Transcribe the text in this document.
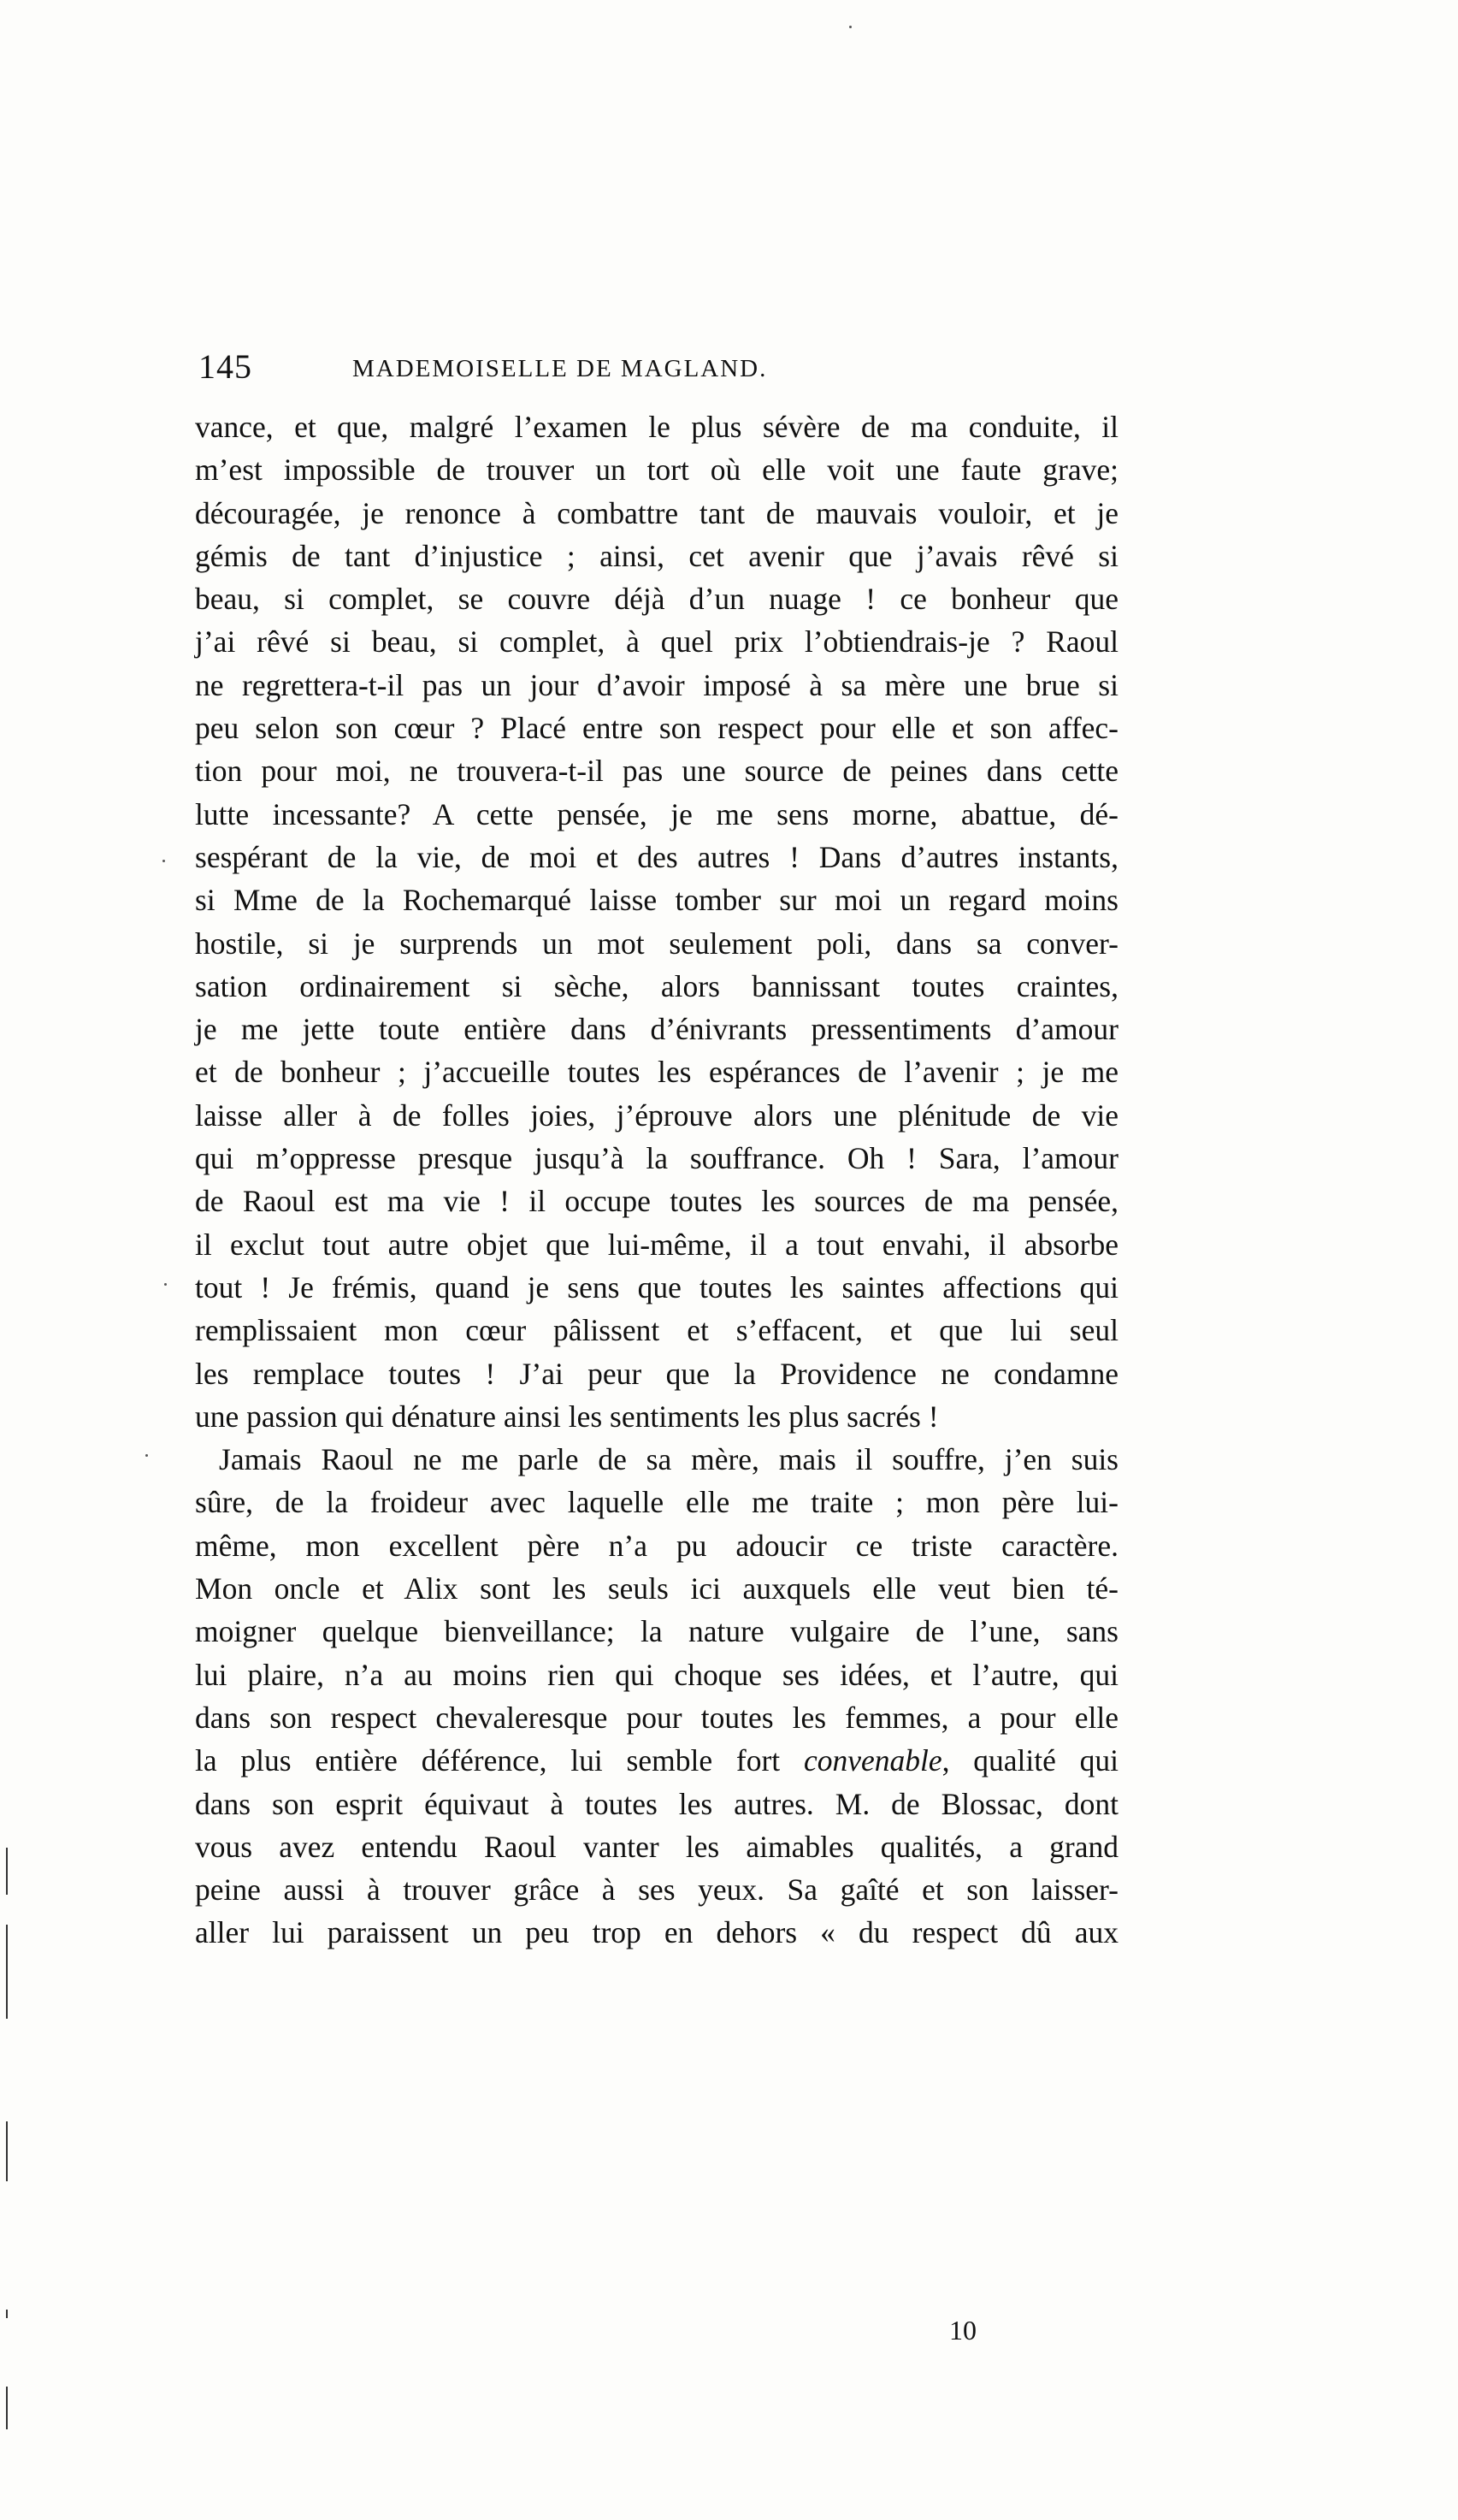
145	MADEMOISELLE DE MAGLAND.
vance, et que, malgré l’examen le plus sévère de ma conduite, il
m’est impossible de trouver un tort où elle voit une faute grave;
découragée, je renonce à combattre tant de mauvais vouloir, et je
gémis de tant d’injustice ; ainsi, cet avenir que j’avais rêvé si
beau, si complet, se couvre déjà d’un nuage ! ce bonheur que
j’ai rêvé si beau, si complet, à quel prix l’obtiendrais-je ? Raoul
ne regrettera-t-il pas un jour d’avoir imposé à sa mère une brue si
peu selon son cœur ? Placé entre son respect pour elle et son affec-
tion pour moi, ne trouvera-t-il pas une source de peines dans cette
lutte incessante? A cette pensée, je me sens morne, abattue, dé-
sespérant de la vie, de moi et des autres ! Dans d’autres instants,
si Mme de la Rochemarqué laisse tomber sur moi un regard moins
hostile, si je surprends un mot seulement poli, dans sa conver-
sation ordinairement si sèche, alors bannissant toutes craintes,
je me jette toute entière dans d’énivrants pressentiments d’amour
et de bonheur ; j’accueille toutes les espérances de l’avenir ; je me
laisse aller à de folles joies, j’éprouve alors une plénitude de vie
qui m’oppresse presque jusqu’à la souffrance. Oh ! Sara, l’amour
de Raoul est ma vie ! il occupe toutes les sources de ma pensée,
il exclut tout autre objet que lui-même, il a tout envahi, il absorbe
tout ! Je frémis, quand je sens que toutes les saintes affections qui
remplissaient mon cœur pâlissent et s’effacent, et que lui seul
les remplace toutes ! J’ai peur que la Providence ne condamne
une passion qui dénature ainsi les sentiments les plus sacrés !
Jamais Raoul ne me parle de sa mère, mais il souffre, j’en suis
sûre, de la froideur avec laquelle elle me traite ; mon père lui-
même, mon excellent père n’a pu adoucir ce triste caractère.
Mon oncle et Alix sont les seuls ici auxquels elle veut bien té-
moigner quelque bienveillance; la nature vulgaire de l’une, sans
lui plaire, n’a au moins rien qui choque ses idées, et l’autre, qui
dans son respect chevaleresque pour toutes les femmes, a pour elle
la plus entière déférence, lui semble fort convenable, qualité qui
dans son esprit équivaut à toutes les autres. M. de Blossac, dont
vous avez entendu Raoul vanter les aimables qualités, a grand
peine aussi à trouver grâce à ses yeux. Sa gaîté et son laisser-
aller lui paraissent un peu trop en dehors « du respect dû aux
10
